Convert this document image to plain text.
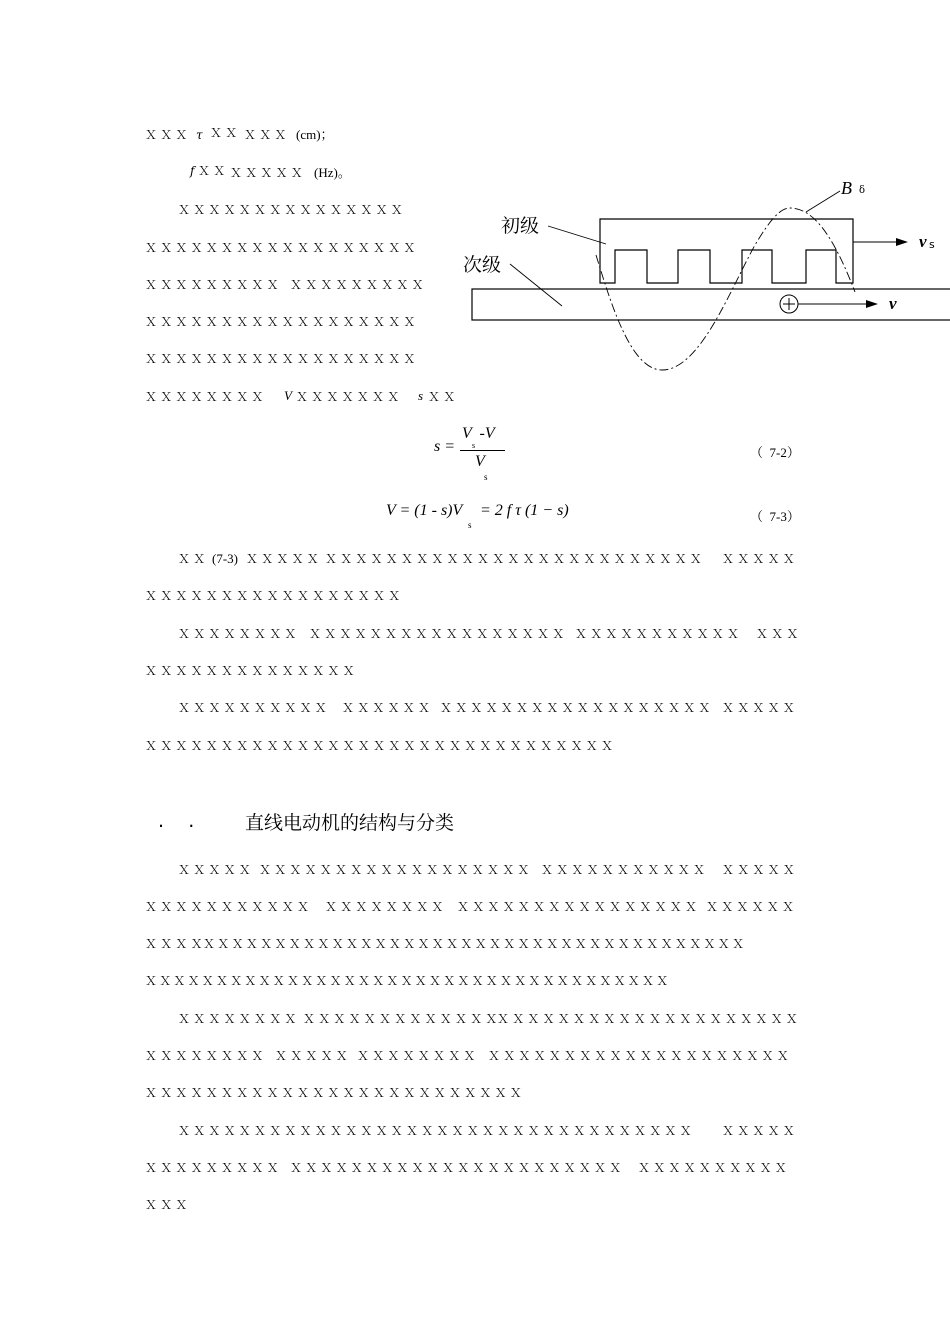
ＸＸＸ τ ＸＸ ＸＸＸ (cm)；
f ＸＸ ＸＸＸＸＸ (Hz)。
ＸＸＸＸＸＸＸＸＸＸＸＸＸＸＸ
ＸＸＸＸＸＸＸＸＸＸＸＸＸＸＸＸＸＸ
ＸＸＸＸＸＸＸＸＸ ＸＸＸＸＸＸＸＸＸ
ＸＸＸＸＸＸＸＸＸＸＸＸＸＸＸＸＸＸ
ＸＸＸＸＸＸＸＸＸＸＸＸＸＸＸＸＸＸ
ＸＸＸＸＸＸＸＸ V ＸＸＸＸＸＸＸ s ＸＸ
初级
次级
B δ
v s
v
s =
V  -V
s
V
s
（  7-2）
V = (1 - s)V
s
= 2 f τ (1 − s)	（  7-3）
ＸＸ (7-3) ＸＸＸＸＸ ＸＸＸＸＸＸＸＸＸＸＸＸＸＸＸＸＸＸＸＸＸＸＸＸＸ ＸＸＸＸＸ
ＸＸＸＸＸＸＸＸＸＸＸＸＸＸＸＸＸ
ＸＸＸＸＸＸＸＸ ＸＸＸＸＸＸＸＸＸＸＸＸＸＸＸＸＸ ＸＸＸＸＸＸＸＸＸＸＸ ＸＸＸ
ＸＸＸＸＸＸＸＸＸＸＸＸＸＸ
ＸＸＸＸＸＸＸＸＸＸ ＸＸＸＸＸＸ ＸＸＸＸＸＸＸＸＸＸＸＸＸＸＸＸＸＸ ＸＸＸＸＸ
ＸＸＸＸＸＸＸＸＸＸＸＸＸＸＸＸＸＸＸＸＸＸＸＸＸＸＸＸＸＸＸ
.    .	直线电动机的结构与分类
ＸＸＸＸＸ ＸＸＸＸＸＸＸＸＸＸＸＸＸＸＸＸＸＸ ＸＸＸＸＸＸＸＸＸＸＸ ＸＸＸＸＸ
ＸＸＸＸＸＸＸＸＸＸＸ ＸＸＸＸＸＸＸＸ ＸＸＸＸＸＸＸＸＸＸＸＸＸＸＸＸ ＸＸＸＸＸＸ
ＸＸＸＸ
ＸＸＸＸＸＸＸＸＸＸＸＸＸＸＸＸＸＸＸＸＸＸＸＸＸＸＸＸＸＸＸＸＸＸＸＸＸＸ
ＸＸＸＸＸＸＸＸＸＸＸＸＸＸＸＸＸＸＸＸＸＸＸＸＸＸＸＸＸＸＸＸＸＸＸＸＸ
ＸＸＸＸＸＸＸＸ ＸＸＸＸＸＸＸＸＸＸＸＸＸ
ＸＸＸＸＸＸＸＸＸＸＸＸＸＸＸＸＸＸＸＸ
ＸＸＸＸＸＸＸＸ ＸＸＸＸＸ ＸＸＸＸＸＸＸＸ ＸＸＸＸＸＸＸＸＸＸＸＸＸＸＸＸＸＸＸＸ
ＸＸＸＸＸＸＸＸＸＸＸＸＸＸＸＸＸＸＸＸＸＸＸＸＸ
ＸＸＸＸＸＸＸＸＸＸＸＸＸＸＸＸＸＸＸＸＸＸＸＸＸＸＸＸＸＸＸＸＸＸ ＸＸＸＸＸ
ＸＸＸＸＸＸＸＸＸ ＸＸＸＸＸＸＸＸＸＸＸＸＸＸＸＸＸＸＸＸＸＸ ＸＸＸＸＸＸＸＸＸＸ
ＸＸＸ
